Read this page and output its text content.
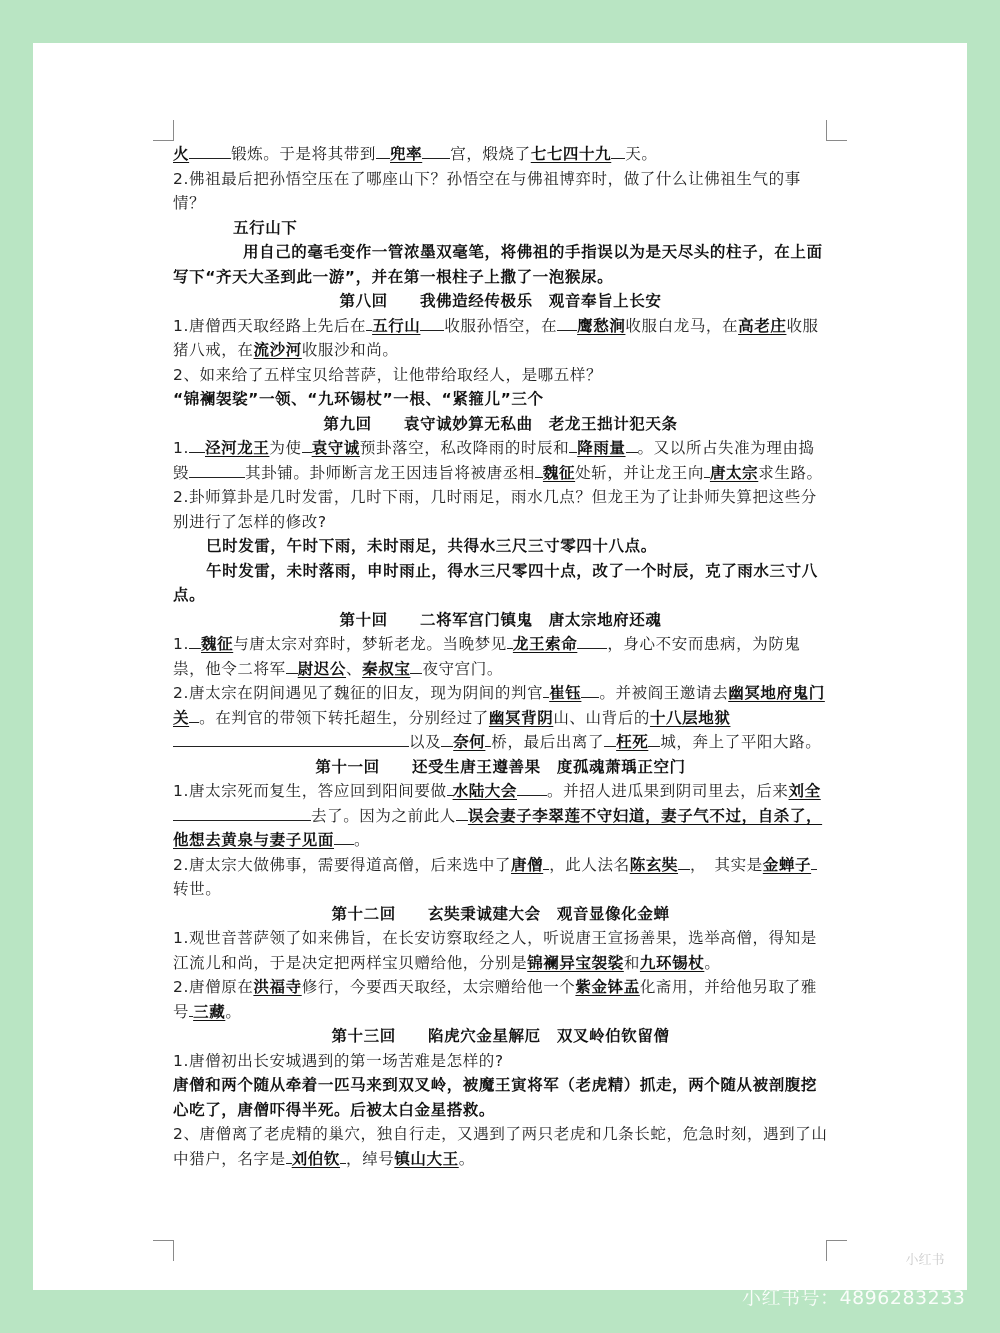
火	锻炼。于是将其带到 兜率 宫，煅烧了七七四十九 天。

2.佛祖最后把孙悟空压在了哪座山下？孙悟空在与佛祖博弈时，做了什么让佛祖生气的事情？

五行山下

用自己的毫毛变作一管浓墨双毫笔，将佛祖的手指误以为是天尽头的柱子，在上面写下“齐天大圣到此一游”，并在第一根柱子上撒了一泡猴尿。

第八回　　我佛造经传极乐　观音奉旨上长安

1.唐僧西天取经路上先后在 五行山 收服孙悟空，在 鹰愁涧收服白龙马，在高老庄收服猪八戒，在流沙河收服沙和尚。

2、如来给了五样宝贝给菩萨，让他带给取经人，是哪五样？

“锦襕袈裟”一领、“九环锡杖”一根、“紧箍儿”三个

第九回　　袁守诚妙算无私曲　老龙王拙计犯天条

1. 泾河龙王为使 袁守诚预卦落空，私改降雨的时辰和 降雨量 。又以所占失准为理由捣毁	其卦铺。卦师断言龙王因违旨将被唐丞相 魏征处斩，并让龙王向 唐太宗求生路。

2.卦师算卦是几时发雷，几时下雨，几时雨足，雨水几点？但龙王为了让卦师失算把这些分别进行了怎样的修改?

巳时发雷，午时下雨，未时雨足，共得水三尺三寸零四十八点。

午时发雷，未时落雨，申时雨止，得水三尺零四十点，改了一个时辰，克了雨水三寸八点。

第十回　　二将军宫门镇鬼　唐太宗地府还魂

1. 魏征与唐太宗对弈时，梦斩老龙。当晚梦见 龙王索命 ，身心不安而患病，为防鬼祟，他令二将军 尉迟公、秦叔宝 夜守宫门。

2.唐太宗在阴间遇见了魏征的旧友，现为阴间的判官 崔钰 。并被阎王邀请去幽冥地府鬼门关 。在判官的带领下转托超生，分别经过了幽冥背阴山、山背后的十八层地狱以及 奈何 桥，最后出离了 枉死 城，奔上了平阳大路。

第十一回　　还受生唐王遵善果　度孤魂萧瑀正空门

1.唐太宗死而复生，答应回到阳间要做 水陆大会 。并招人进瓜果到阴司里去，后来刘全去了。因为之前此人 误会妻子李翠莲不守妇道，妻子气不过，自杀了，他想去黄泉与妻子见面 。

2.唐太宗大做佛事，需要得道高僧，后来选中了唐僧 ，此人法名陈玄奘 ，　其实是金蝉子转世。

第十二回　　玄奘秉诚建大会　观音显像化金蝉

1.观世音菩萨领了如来佛旨，在长安访察取经之人，听说唐王宣扬善果，选举高僧，得知是江流儿和尚，于是决定把两样宝贝赠给他，分别是锦襕异宝袈裟和九环锡杖。

2.唐僧原在洪福寺修行，今要西天取经，太宗赠给他一个紫金钵盂化斋用，并给他另取了雅号 三藏。

第十三回　　陷虎穴金星解厄　双叉岭伯钦留僧

1.唐僧初出长安城遇到的第一场苦难是怎样的?

唐僧和两个随从牵着一匹马来到双叉岭，被魔王寅将军（老虎精）抓走，两个随从被剖腹挖心吃了，唐僧吓得半死。后被太白金星搭救。

2、唐僧离了老虎精的巢穴，独自行走，又遇到了两只老虎和几条长蛇，危急时刻，遇到了山中猎户，名字是 刘伯钦 ，绰号镇山大王。

小红书
小红书号：4896283233
